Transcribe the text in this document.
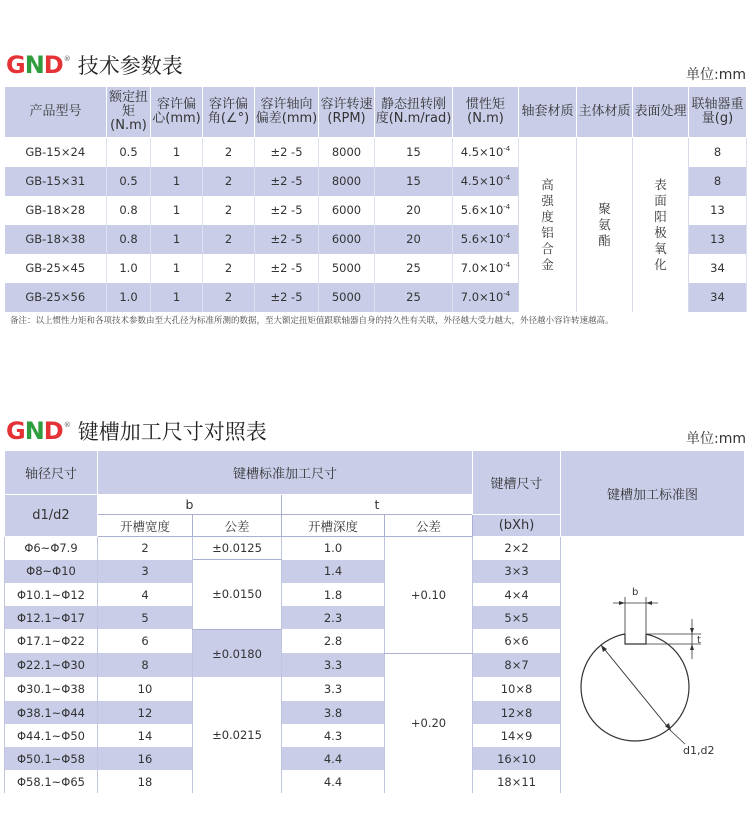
G N D ® 技术参数表	单位:mm
产品型号	额定扭矩(N.m)	容许偏心(mm)	容许偏角(∠°)	容许轴向偏差(mm)	容许转速(RPM)	静态扭转刚度(N.m/rad)	惯性矩(N.m)	轴套材质	主体材质	表面处理	联轴器重量(g)
GB-15×24	0.5	1	2	±2 -5	8000	15	$4.5\times 10^{-4}$	高强度铝合金	聚氨酯	表面阳极氧化	8
GB-15×31	0.5	1	2	±2 -5	8000	15	$4.5\times 10^{-4}$				8
GB-18×28	0.8	1	2	±2 -5	6000	20	$5.6\times 10^{-4}$				13
GB-18×38	0.8	1	2	±2 -5	6000	20	$5.6\times 10^{-4}$				13
GB-25×45	1.0	1	2	±2 -5	5000	25	$7.0\times 10^{-4}$				34
GB-25×56	1.0	1	2	±2 -5	5000	25	$7.0\times 10^{-4}$				34
备注：以上惯性力矩和各项技术参数由至大孔径为标准所测的数据，至大额定扭矩值跟联轴器自身的持久性有关联，外径越大受力越大，外径越小容许转速越高。
G N D ® 键槽加工尺寸对照表	单位:mm
轴径尺寸	键槽标准加工尺寸				键槽尺寸	键槽加工标准图
d1/d2	b		t			
	开槽宽度	公差	开槽深度	公差	(bXh)	

Φ6~Φ7.9	2	±0.0125	1.0	+0.10	2×2	b
t
d1,d2

Φ8~Φ10	3	±0.0150	1.4		3×3	
Φ10.1~Φ12	4		1.8		4×4	
Φ12.1~Φ17	5		2.3		5×5	
Φ17.1~Φ22	6	±0.0180	2.8		6×6	
Φ22.1~Φ30	8		3.3	+0.20	8×7	
Φ30.1~Φ38	10	±0.0215	3.3		10×8	
Φ38.1~Φ44	12		3.8		12×8	
Φ44.1~Φ50	14		4.3		14×9	
Φ50.1~Φ58	16		4.4		16×10	
Φ58.1~Φ65	18		4.4		18×11	
